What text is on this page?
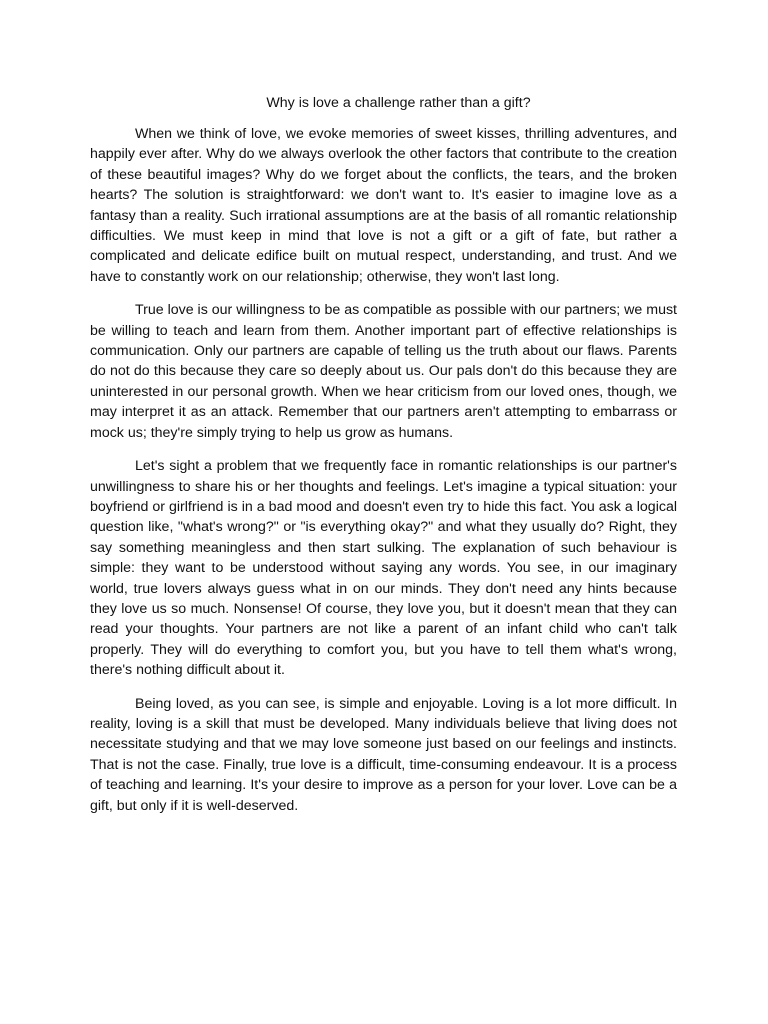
Why is love a challenge rather than a gift?

When we think of love, we evoke memories of sweet kisses, thrilling adventures, and happily ever after. Why do we always overlook the other factors that contribute to the creation of these beautiful images? Why do we forget about the conflicts, the tears, and the broken hearts? The solution is straightforward: we don't want to. It's easier to imagine love as a fantasy than a reality. Such irrational assumptions are at the basis of all romantic relationship difficulties. We must keep in mind that love is not a gift or a gift of fate, but rather a complicated and delicate edifice built on mutual respect, understanding, and trust. And we have to constantly work on our relationship; otherwise, they won't last long.

True love is our willingness to be as compatible as possible with our partners; we must be willing to teach and learn from them. Another important part of effective relationships is communication. Only our partners are capable of telling us the truth about our flaws. Parents do not do this because they care so deeply about us. Our pals don't do this because they are uninterested in our personal growth. When we hear criticism from our loved ones, though, we may interpret it as an attack. Remember that our partners aren't attempting to embarrass or mock us; they're simply trying to help us grow as humans.

Let's sight a problem that we frequently face in romantic relationships is our partner's unwillingness to share his or her thoughts and feelings. Let's imagine a typical situation: your boyfriend or girlfriend is in a bad mood and doesn't even try to hide this fact. You ask a logical question like, "what's wrong?" or "is everything okay?" and what they usually do? Right, they say something meaningless and then start sulking. The explanation of such behaviour is simple: they want to be understood without saying any words. You see, in our imaginary world, true lovers always guess what in on our minds. They don't need any hints because they love us so much. Nonsense! Of course, they love you, but it doesn't mean that they can read your thoughts. Your partners are not like a parent of an infant child who can't talk properly. They will do everything to comfort you, but you have to tell them what's wrong, there's nothing difficult about it.

Being loved, as you can see, is simple and enjoyable. Loving is a lot more difficult. In reality, loving is a skill that must be developed. Many individuals believe that living does not necessitate studying and that we may love someone just based on our feelings and instincts. That is not the case. Finally, true love is a difficult, time-consuming endeavour. It is a process of teaching and learning. It's your desire to improve as a person for your lover. Love can be a gift, but only if it is well-deserved.
